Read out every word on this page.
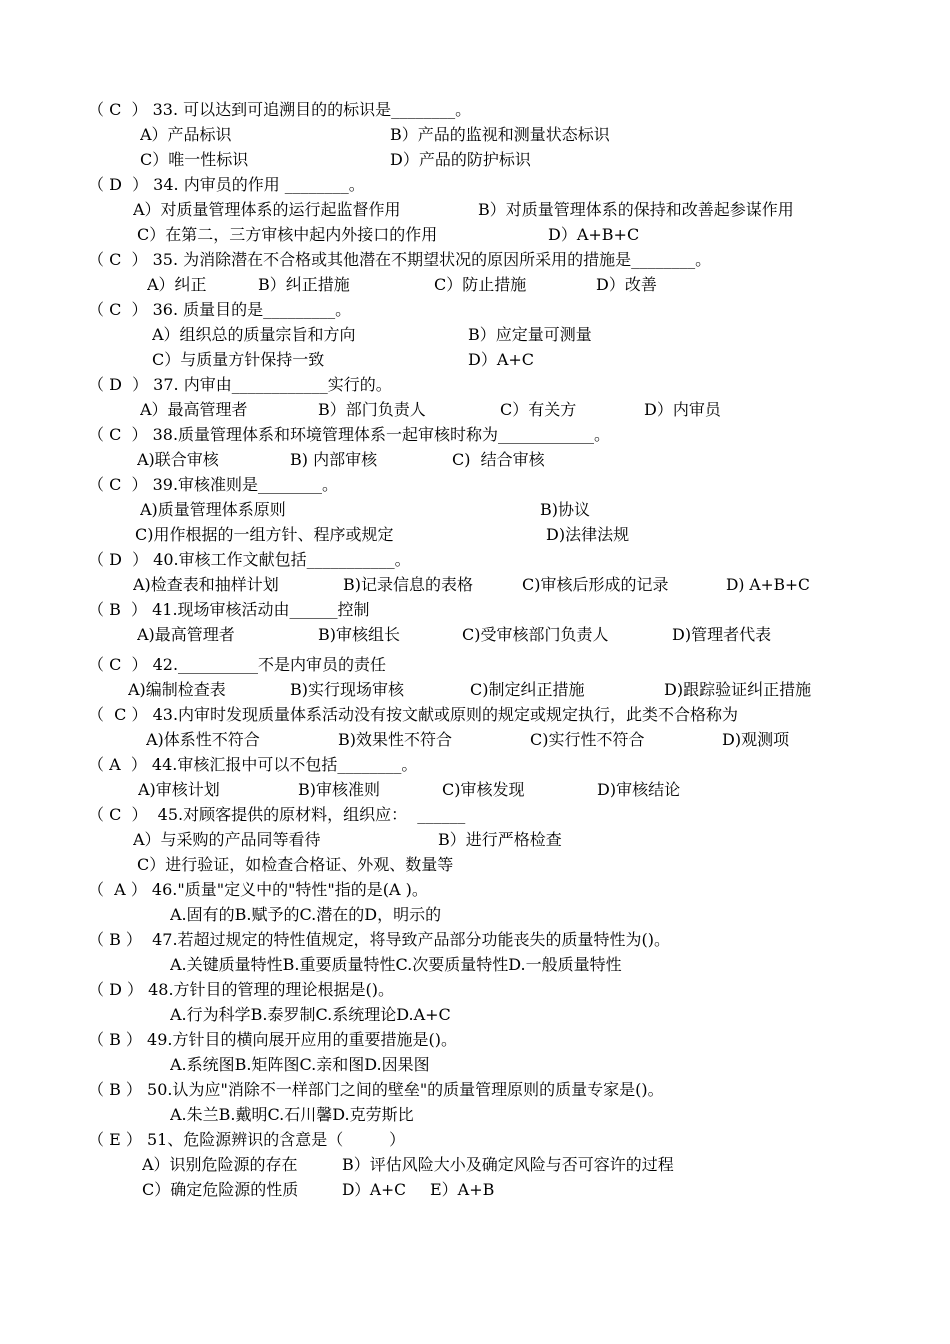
（ C  ） 33. 可以达到可追溯目的的标识是________。
A）产品标识	B）产品的监视和测量状态标识
C）唯一性标识	D）产品的防护标识
（ D  ） 34. 内审员的作用 ________。
A）对质量管理体系的运行起监督作用	B）对质量管理体系的保持和改善起参谋作用
C）在第二，三方审核中起内外接口的作用	D）A+B+C
（ C  ） 35. 为消除潜在不合格或其他潜在不期望状况的原因所采用的措施是________。
A）纠正	B）纠正措施	C）防止措施	D）改善
（ C  ） 36. 质量目的是_________。
A）组织总的质量宗旨和方向	B）应定量可测量
C）与质量方针保持一致	D）A+C
（ D  ） 37. 内审由____________实行的。
A）最高管理者	B）部门负责人	C）有关方	D）内审员
（ C  ） 38.质量管理体系和环境管理体系一起审核时称为____________。
A)联合审核	B) 内部审核	C)  结合审核
（ C  ） 39.审核准则是________。
A)质量管理体系原则	B)协议
C)用作根据的一组方针、程序或规定	D)法律法规
（ D  ） 40.审核工作文献包括___________。
A)检查表和抽样计划	B)记录信息的表格	C)审核后形成的记录	D) A+B+C
（ B  ） 41.现场审核活动由______控制
A)最高管理者	B)审核组长	C)受审核部门负责人	D)管理者代表
（ C  ） 42.__________不是内审员的责任
A)编制检查表	B)实行现场审核	C)制定纠正措施	D)跟踪验证纠正措施
（  C ） 43.内审时发现质量体系活动没有按文献或原则的规定或规定执行，此类不合格称为
A)体系性不符合	B)效果性不符合	C)实行性不符合	D)观测项
（ A  ） 44.审核汇报中可以不包括________。
A)审核计划	B)审核准则	C)审核发现	D)审核结论
（ C  ）  45.对顾客提供的原材料，组织应：  ______
A）与采购的产品同等看待	B）进行严格检查
C）进行验证，如检查合格证、外观、数量等
（  A ） 46."质量"定义中的"特性"指的是(A )。
A.固有的B.赋予的C.潜在的D，明示的
（ B ）  47.若超过规定的特性值规定，将导致产品部分功能丧失的质量特性为()。
A.关键质量特性B.重要质量特性C.次要质量特性D.一般质量特性
（ D ） 48.方针目的管理的理论根据是()。
A.行为科学B.泰罗制C.系统理论D.A+C
（ B ） 49.方针目的横向展开应用的重要措施是()。
A.系统图B.矩阵图C.亲和图D.因果图
（ B ） 50.认为应"消除不一样部门之间的壁垒"的质量管理原则的质量专家是()。
A.朱兰B.戴明C.石川馨D.克劳斯比
（ E ） 51、危险源辨识的含意是（         ）
A）识别危险源的存在	B）评估风险大小及确定风险与否可容许的过程
C）确定危险源的性质	D）A+C E）A+B
